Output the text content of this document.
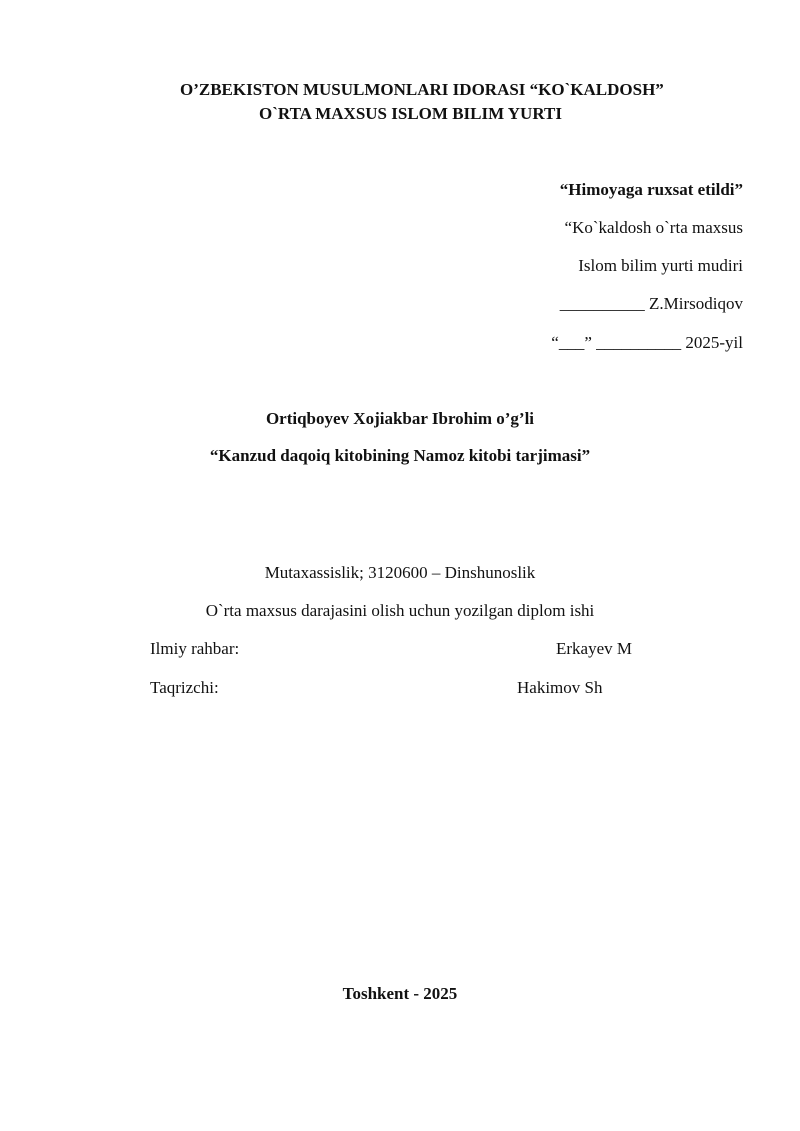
O’ZBEKISTON MUSULMONLARI IDORASI “KO`KALDOSH”
O`RTA MAXSUS ISLOM BILIM YURTI
“Himoyaga ruxsat etildi”
“Ko`kaldosh o`rta maxsus
Islom bilim yurti mudiri
__________ Z.Mirsodiqov
“___” __________ 2025-yil
Ortiqboyev Xojiakbar Ibrohim o’g’li
“Kanzud daqoiq kitobining Namoz kitobi tarjimasi”
Mutaxassislik; 3120600 – Dinshunoslik
O`rta maxsus darajasini olish uchun yozilgan diplom ishi
Ilmiy rahbar:	Erkayev M
Taqrizchi:	Hakimov Sh
Toshkent - 2025
